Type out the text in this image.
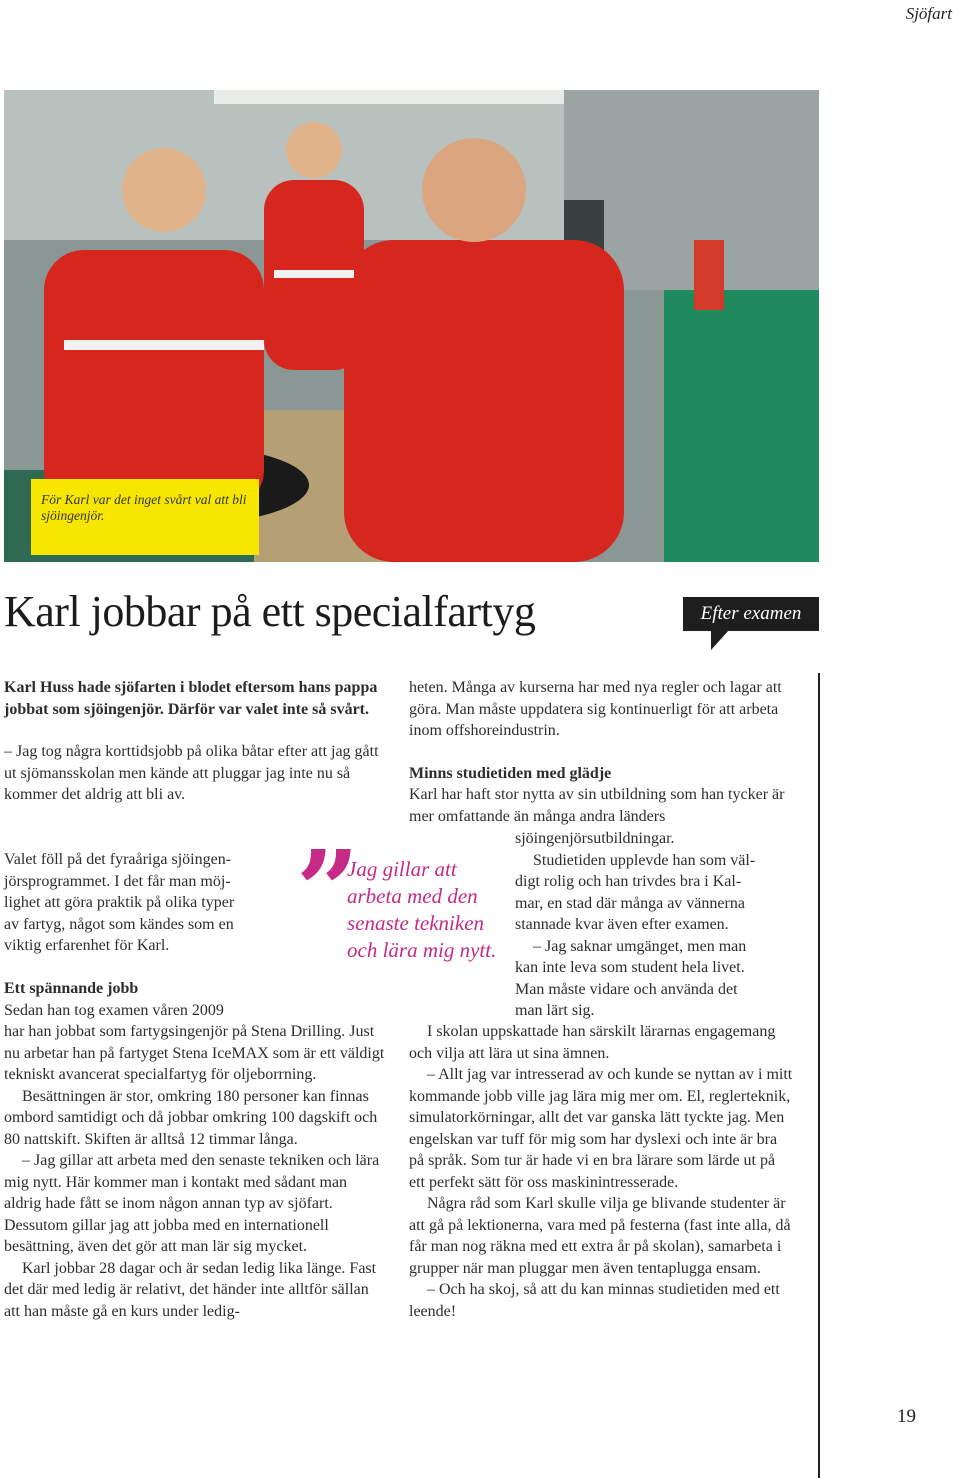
Sjöfart
För Karl var det inget svårt val att bli sjöingenjör.
Karl jobbar på ett specialfartyg	Efter examen

Karl Huss hade sjöfarten i blodet eftersom hans pappa jobbat som sjöingenjör. Därför var valet inte så svårt.

– Jag tog några korttidsjobb på olika båtar efter att jag gått ut sjömansskolan men kände att pluggar jag inte nu så kommer det aldrig att bli av.

Valet föll på det fyraåriga sjöingen-

jörsprogrammet. I det får man möj-

lighet att göra praktik på olika typer

av fartyg, något som kändes som en

viktig erfarenhet för Karl.

Ett spännande jobb

Sedan han tog examen våren 2009

har han jobbat som fartygsingenjör på Stena Drilling. Just nu arbetar han på fartyget Stena IceMAX som är ett väldigt tekniskt avancerat specialfartyg för oljeborrning.

Besättningen är stor, omkring 180 personer kan finnas ombord samtidigt och då jobbar omkring 100 dagskift och 80 nattskift. Skiften är alltså 12 timmar långa.

– Jag gillar att arbeta med den senaste tekniken och lära mig nytt. Här kommer man i kontakt med sådant man aldrig hade fått se inom någon annan typ av sjöfart. Dessutom gillar jag att jobba med en internationell besättning, även det gör att man lär sig mycket.

Karl jobbar 28 dagar och är sedan ledig lika länge. Fast det där med ledig är relativt, det händer inte alltför sällan att han måste gå en kurs under ledig-

”
Jag gillar att arbeta med den senaste tekniken och lära mig nytt.

heten. Många av kurserna har med nya regler och lagar att göra. Man måste uppdatera sig kontinuerligt för att arbeta inom offshoreindustrin.

Minns studietiden med glädje

Karl har haft stor nytta av sin utbildning som han tycker är mer omfattande än många andra länders

sjöingenjörsutbildningar.

Studietiden upplevde han som väl-

digt rolig och han trivdes bra i Kal-

mar, en stad där många av vännerna

stannade kvar även efter examen.

– Jag saknar umgänget, men man

kan inte leva som student hela livet.

Man måste vidare och använda det

man lärt sig.

I skolan uppskattade han särskilt lärarnas engagemang och vilja att lära ut sina ämnen.

– Allt jag var intresserad av och kunde se nyttan av i mitt kommande jobb ville jag lära mig mer om. El, reglerteknik, simulatorkörningar, allt det var ganska lätt tyckte jag. Men engelskan var tuff för mig som har dyslexi och inte är bra på språk. Som tur är hade vi en bra lärare som lärde ut på ett perfekt sätt för oss maskinintresserade.

Några råd som Karl skulle vilja ge blivande studenter är att gå på lektionerna, vara med på festerna (fast inte alla, då får man nog räkna med ett extra år på skolan), samarbeta i grupper när man pluggar men även tentaplugga ensam.

– Och ha skoj, så att du kan minnas studietiden med ett leende!

19
